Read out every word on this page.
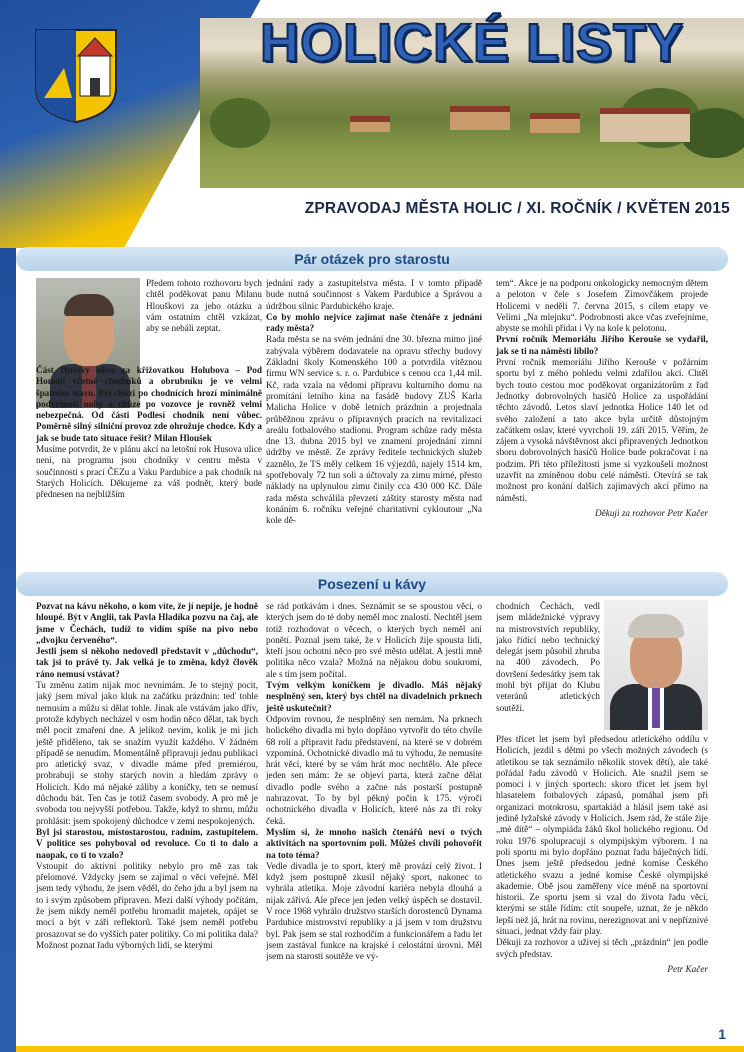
HOLICKÉ LISTY
ZPRAVODAJ MĚSTA HOLIC / XI. ROČNÍK / KVĚTEN 2015
Pár otázek pro starostu

Předem tohoto rozhovoru bych chtěl poděkovat panu Milanu Hlouškovi za jeho otázku a vám ostatním chtěl vzkázat, aby se nebáli zeptat.

Část Husovy ulice za křižovatkou Holubova – Pod Homolí včetně chodníků a obrubníku je ve velmi špatném stavu. Při chůzi po chodnících hrozí minimálně podvrtnutí nohy a chůze po vozovce je rovněž velmi nebezpečná. Od části Podlesí chodník není vůbec. Poměrně silný silniční provoz zde ohrožuje chodce. Kdy a jak se bude tato situace řešit? Milan Hloušek

Musíme potvrdit, že v plánu akcí na letošní rok Husova ulice není, na programu jsou chodníky v centru města v součinnosti s prací ČEZu a Vaku Pardubice a pak chodník na Starých Holicích. Děkujeme za váš podnět, který bude přednesen na nejbližším

jednání rady a zastupitelstva města. I v tomto případě bude nutná součinnost s Vakem Pardubice a Správou a údržbou silnic Pardubického kraje.

Co by mohlo nejvíce zajímat naše čtenáře z jednání rady města?

Rada města se na svém jednání dne 30. března mimo jiné zabývala výběrem dodavatele na opravu střechy budovy Základní školy Komenského 100 a potvrdila vítěznou firmu WN service s. r. o. Pardubice s cenou cca 1,44 mil. Kč, rada vzala na vědomí přípravu kulturního domu na promítání letního kina na fasádě budovy ZUŠ Karla Malicha Holice v době letních prázdnin a projednala průběžnou zprávu o přípravných pracích na revitalizaci areálu fotbalového stadionu. Program schůze rady města dne 13. dubna 2015 byl ve znamení projednání zimní údržby ve městě. Ze zprávy ředitele technických služeb zaznělo, že TS měly celkem 16 výjezdů, najely 1514 km, spotřebovaly 72 tun soli a účtovaly za zimu mírné, přesto náklady na uplynulou zimu činily cca 430 000 Kč. Dále rada města schválila převzetí záštity starosty města nad konáním 6. ročníku veřejné charitativní cykloutour „Na kole dě-

tem“. Akce je na podporu onkologicky nemocným dětem a peloton v čele s Josefem Zimovčákem projede Holicemi v neděli 7. června 2015, s cílem etapy ve Velimi „Na mlejnku“. Podrobnosti akce včas zveřejníme, abyste se mohli přidat i Vy na kole k pelotonu.

První ročník Memoriálu Jiřího Kerouše se vydařil, jak se ti na náměstí líbilo?

První ročník memoriálu Jiřího Kerouše v požárním sportu byl z mého pohledu velmi zdařilou akcí. Chtěl bych touto cestou moc poděkovat organizátorům z řad Jednotky dobrovolných hasičů Holice za uspořádání těchto závodů. Letos slaví jednotka Holice 140 let od svého založení a tato akce byla určitě důstojným začátkem oslav, které vyvrcholí 19. září 2015. Věřím, že zájem a vysoká návštěvnost akcí připravených Jednotkou sboru dobrovolných hasičů Holice bude pokračovat i na podzim. Při této příležitosti jsme si vyzkoušeli možnost uzavřít na zmíněnou dobu celé náměstí. Otevírá se tak možnost pro konání dalších zajímavých akcí přímo na náměstí.

Děkuji za rozhovor Petr Kačer

Posezení u kávy

Pozvat na kávu někoho, o kom víte, že jí nepije, je hodně hloupé. Být v Anglii, tak Pavla Hladíka pozvu na čaj, ale jsme v Čechách, tudíž to vidím spíše na pivo nebo „dvojku červeného“.

Jestli jsem si někoho nedovedl představit v „důchodu“, tak jsi to právě ty. Jak velká je to změna, když člověk ráno nemusí vstávat?

Tu změnu zatím nijak moc nevnímám. Je to stejný pocit, jaký jsem míval jako kluk na začátku prázdnin: teď tohle nemusím a můžu si dělat tohle. Jinak ale vstávám jako dřív, protože kdybych necházel v osm hodin něco dělat, tak bych měl pocit zmaření dne. A jelikož nevím, kolik je mi jich ještě přiděleno, tak se snažím využít každého. V žádném případě se nenudím. Momentálně připravuji jednu publikaci pro atletický svaz, v divadle máme před premiérou, probrabuji se stohy starých novin a hledám zprávy o Holicích. Kdo má nějaké záliby a koníčky, ten se nemusí důchodu bát. Ten čas je totiž časem svobody. A pro mě je svoboda tou nejvyšší potřebou. Takže, když to shrnu, můžu prohlásit: jsem spokojený důchodce v zemi nespokojených.

Byl jsi starostou, místostarostou, radním, zastupitelem. V politice ses pohyboval od revoluce. Co ti to dalo a naopak, co ti to vzalo?

Vstoupit do aktivní politiky nebylo pro mě zas tak přelomové. Vždycky jsem se zajímal o věci veřejné. Měl jsem tedy výhodu, že jsem věděl, do čeho jdu a byl jsem na to i svým způsobem připraven. Mezi další výhody počítám, že jsem nikdy neměl potřebu hromadit majetek, opájet se mocí a být v záři reflektorů. Také jsem neměl potřebu prosazovat se do vyšších pater politiky. Co mi politika dala? Možnost poznat řadu výborných lidí, se kterými

se rád potkávám i dnes. Seznámit se se spoustou věcí, o kterých jsem do té doby neměl moc znalostí. Nechtěl jsem totiž rozhodovat o věcech, o kterých bych neměl ani ponětí. Poznal jsem také, že v Holicích žije spousta lidí, kteří jsou ochotni něco pro své město udělat. A jestli mně politika něco vzala? Možná na nějakou dobu soukromí, ale s tím jsem počítal.

Tvým velkým koníčkem je divadlo. Máš nějaký nesplněný sen, který bys chtěl na divadelních prknech ještě uskutečnit?

Odpovím rovnou, že nesplněný sen nemám. Na prknech holického divadla mi bylo dopřáno vytvořit do této chvíle 68 rolí a připravit řadu představení, na které se v dobrém vzpomíná. Ochotnické divadlo má tu výhodu, že nemusíte hrát věci, které by se vám hrát moc nechtělo. Ale přece jeden sen mám: že se objeví parta, která začne dělat divadlo podle svého a začne nás postarší postupně nahrazovat. To by byl pěkný počin k 175. výročí ochotnického divadla v Holicích, které nás za tři roky čeká.

Myslím si, že mnoho našich čtenářů neví o tvých aktivitách na sportovním poli. Můžeš chvíli pohovořit na toto téma?

Vedle divadla je to sport, který mě provází celý život. I když jsem postupně zkusil nějaký sport, nakonec to vyhrála atletika. Moje závodní kariéra nebyla dlouhá a nijak zářivá. Ale přece jen jeden velký úspěch se dostavil. V roce 1968 vyhrálo družstvo starších dorostenců Dynama Pardubice mistrovství republiky a já jsem v tom družstvu byl. Pak jsem se stal rozhodčím a funkcionářem a řadu let jsem zastával funkce na krajské i celostátní úrovni. Měl jsem na starosti soutěže ve vý-

chodních Čechách, vedl jsem mládežnické výpravy na mistrovstvích republiky, jako řídící nebo technický delegát jsem působil zhruba na 400 závodech. Po dovršení šedesátky jsem tak mohl být přijat do Klubu veteránů atletických soutěží.

Přes třicet let jsem byl předsedou atletického oddílu v Holicích, jezdil s dětmi po všech možných závodech (s atletikou se tak seznámilo několik stovek dětí), ale také pořádal řadu závodů v Holicích. Ale snažil jsem se pomoci i v jiných sportech: skoro třicet let jsem byl hlasatelem fotbalových zápasů, pomáhal jsem při organizaci motokrosu, spartakiád a hlásil jsem také asi jedině lyžařské závody v Holicích. Jsem rád, že stále žije „mé dítě“ – olympiáda žáků škol holického regionu. Od roku 1976 spolupracuji s olympijským výborem. I na poli sportu mi bylo dopřáno poznat řadu báječných lidí. Dnes jsem ještě předsedou jedné komise Českého atletického svazu a jedné komise České olympijské akademie. Obě jsou zaměřeny více méně na sportovní historii. Ze sportu jsem si vzal do života řadu věcí, kterými se stále řídím: ctít soupeře, uznat, že je někdo lepší než já, hrát na rovinu, nerezignovat ani v nepříznivé situaci, jednat vždy fair play.

Děkuji za rozhovor a užívej si těch „prázdnin“ jen podle svých představ.

Petr Kačer

1
